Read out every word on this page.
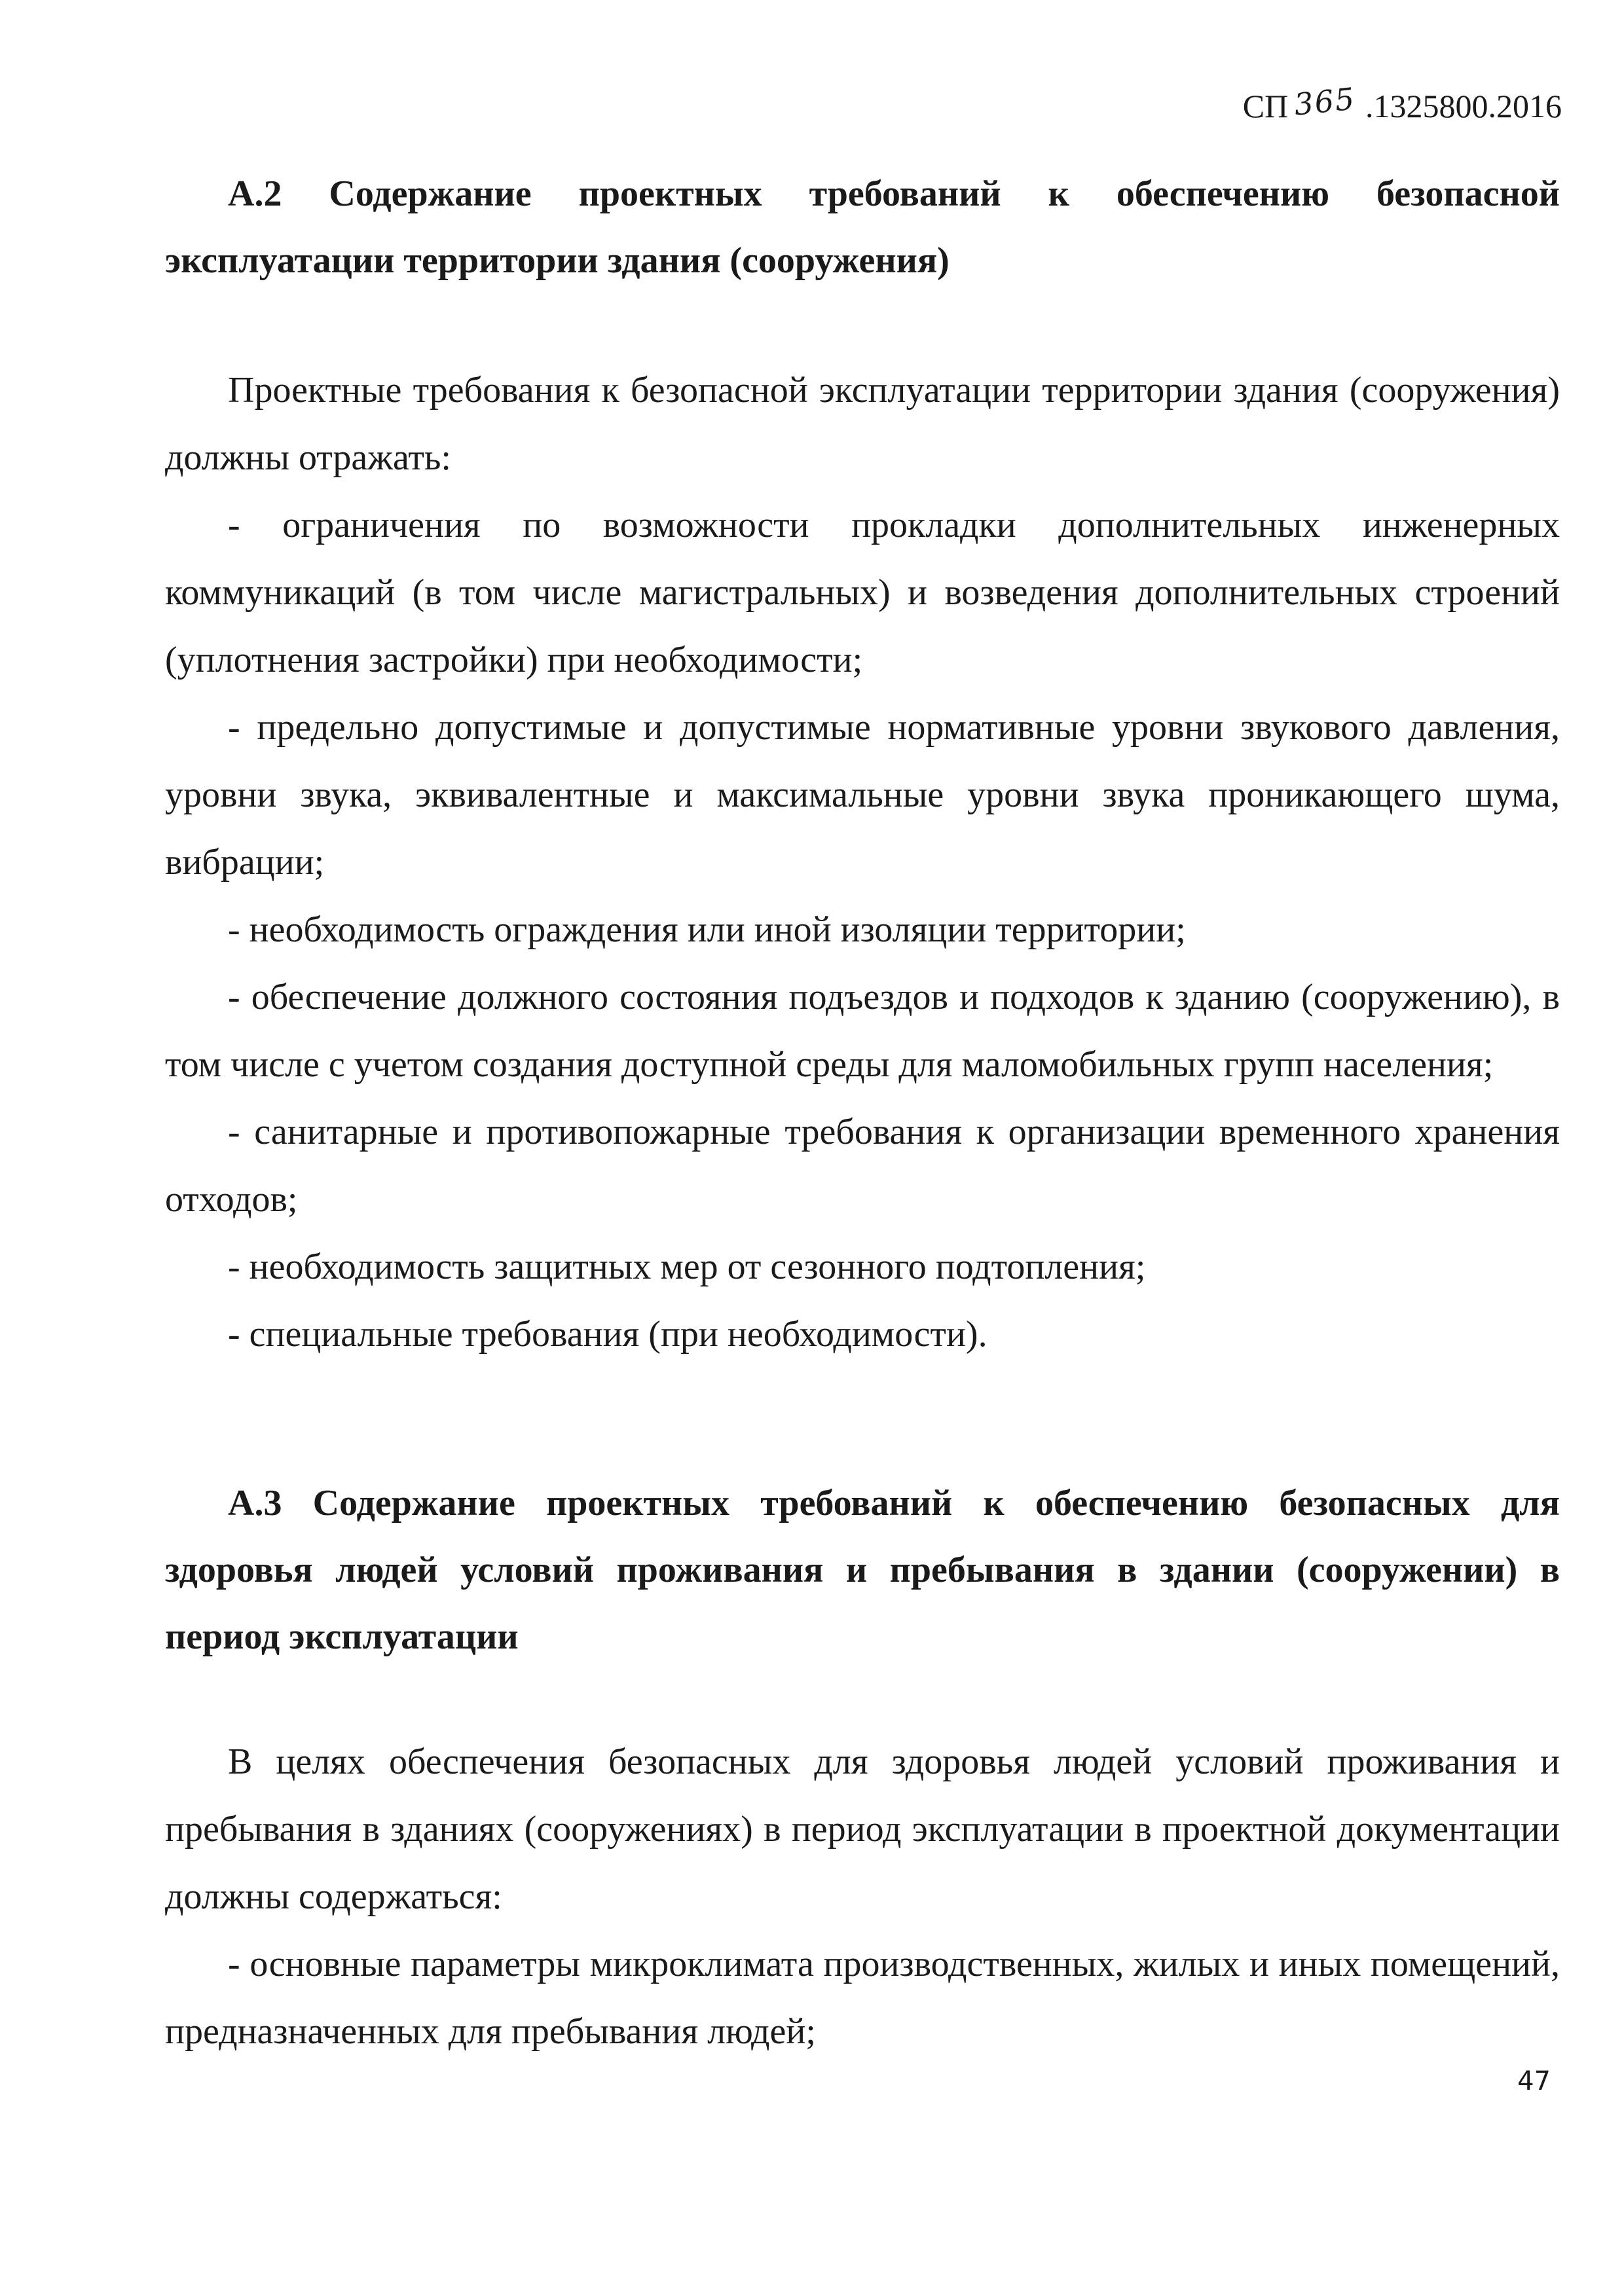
СП 365 .1325800.2016

А.2 Содержание проектных требований к обеспечению безопасной эксплуатации территории здания (сооружения)

Проектные требования к безопасной эксплуатации территории здания (сооружения) должны отражать:

- ограничения по возможности прокладки дополнительных инженерных коммуникаций (в том числе магистральных) и возведения дополнительных строений (уплотнения застройки) при необходимости;

- предельно допустимые и допустимые нормативные уровни звукового давления, уровни звука, эквивалентные и максимальные уровни звука проникающего шума, вибрации;

- необходимость ограждения или иной изоляции территории;

- обеспечение должного состояния подъездов и подходов к зданию (сооружению), в том числе с учетом создания доступной среды для маломобильных групп населения;

- санитарные и противопожарные требования к организации временного хранения отходов;

- необходимость защитных мер от сезонного подтопления;

- специальные требования (при необходимости).

А.3 Содержание проектных требований к обеспечению безопасных для здоровья людей условий проживания и пребывания в здании (сооружении) в период эксплуатации

В целях обеспечения безопасных для здоровья людей условий проживания и пребывания в зданиях (сооружениях) в период эксплуатации в проектной документации должны содержаться:

- основные параметры микроклимата производственных, жилых и иных помещений, предназначенных для пребывания людей;

47
